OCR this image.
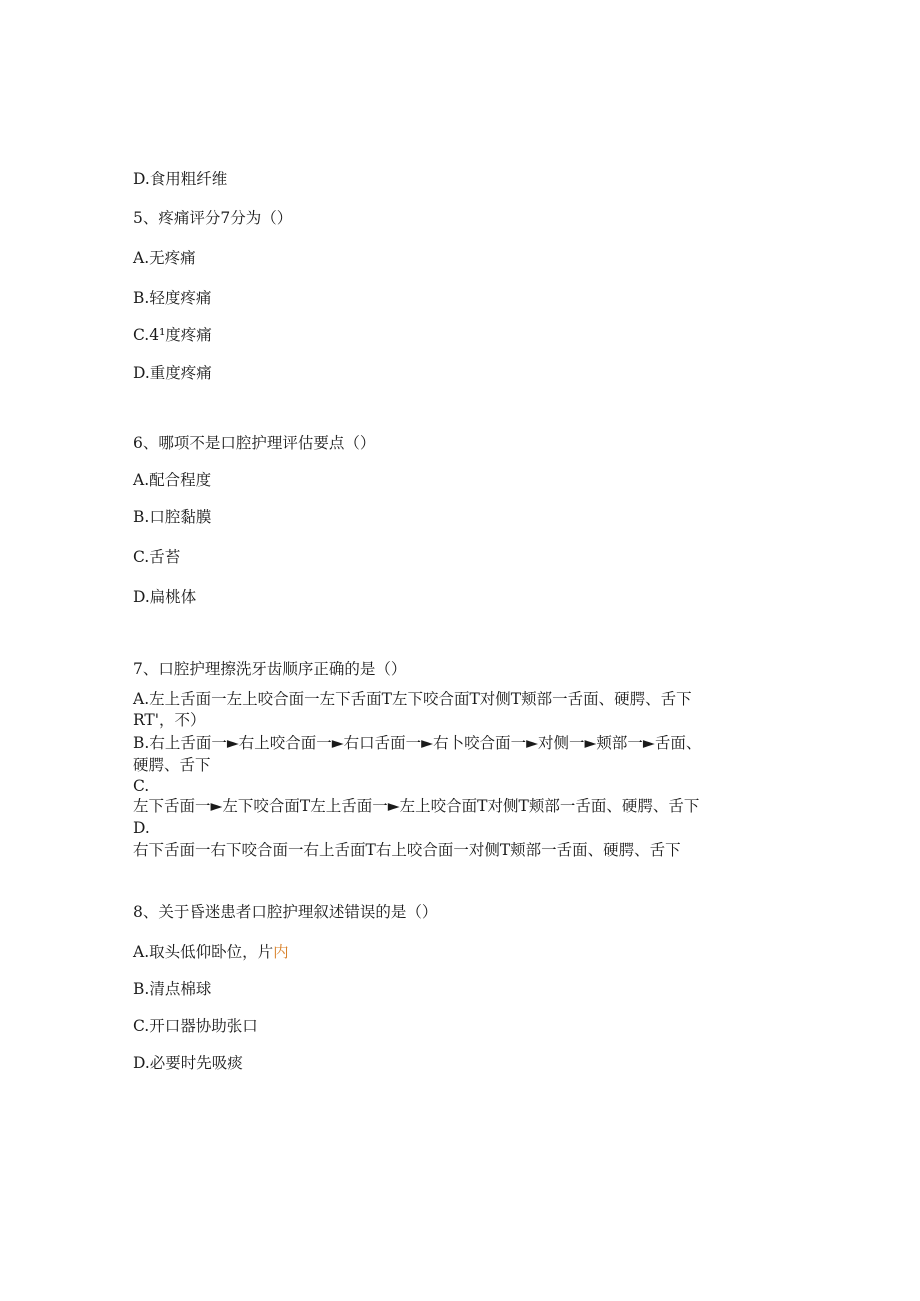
D.食用粗纤维
5、疼痛评分7分为（）
A.无疼痛
B.轻度疼痛
C.4¹度疼痛
D.重度疼痛
6、哪项不是口腔护理评估要点（）
A.配合程度
B.口腔黏膜
C.舌苔
D.扁桃体
7、口腔护理擦洗牙齿顺序正确的是（）
A.左上舌面一左上咬合面一左下舌面T左下咬合面T对侧T颊部一舌面、硬腭、舌下
RT'，不）
B.右上舌面一►右上咬合面一►右口舌面一►右卜咬合面一►对侧一►颊部一►舌面、
硬腭、舌下
C.
左下舌面一►左下咬合面T左上舌面一►左上咬合面T对侧T颊部一舌面、硬腭、舌下
D.
右下舌面一右下咬合面一右上舌面T右上咬合面一对侧T颊部一舌面、硬腭、舌下
8、关于昏迷患者口腔护理叙述错误的是（）
A.取头低仰卧位，片内
B.清点棉球
C.开口器协助张口
D.必要时先吸痰
